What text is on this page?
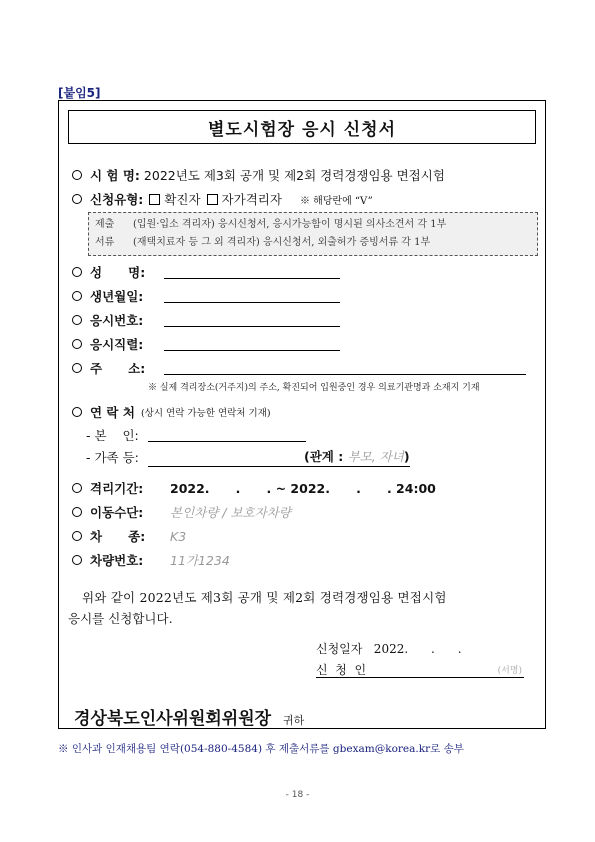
[붙임5]
별도시험장 응시 신청서
시 험 명:
2022년도 제3회 공개 및 제2회 경력경쟁임용 면접시험
신청유형: 확진자 자가격리자 ※ 해당란에 “V”
제출	(입원·입소 격리자) 응시신청서, 응시가능함이 명시된 의사소견서 각 1부
서류	(재택치료자 등 그 외 격리자) 응시신청서, 외출허가 증빙서류 각 1부
성      명:
생년월일:
응시번호:
응시직렬:
주      소:
※ 실제 격리장소(거주지)의 주소, 확진되어 입원중인 경우 의료기관명과 소재지 기재
연 락 처 (상시 연락 가능한 연락처 기재)
- 본    인:
- 가족 등:	(관계 : 부모, 자녀)
격리기간:	2022.      .      . ~ 2022.      .      . 24:00
이동수단:	본인차량 / 보호자차량
차      종:	K3
차량번호:	11가1234
위와 같이 2022년도 제3회 공개 및 제2회 경력경쟁임용 면접시험
응시를 신청합니다.
신청일자   2022.      .      .
신  청  인	(서명)
경상북도인사위원회위원장 귀하
※ 인사과 인재채용팀 연락(054-880-4584) 후 제출서류를 gbexam@korea.kr로 송부
- 18 -
